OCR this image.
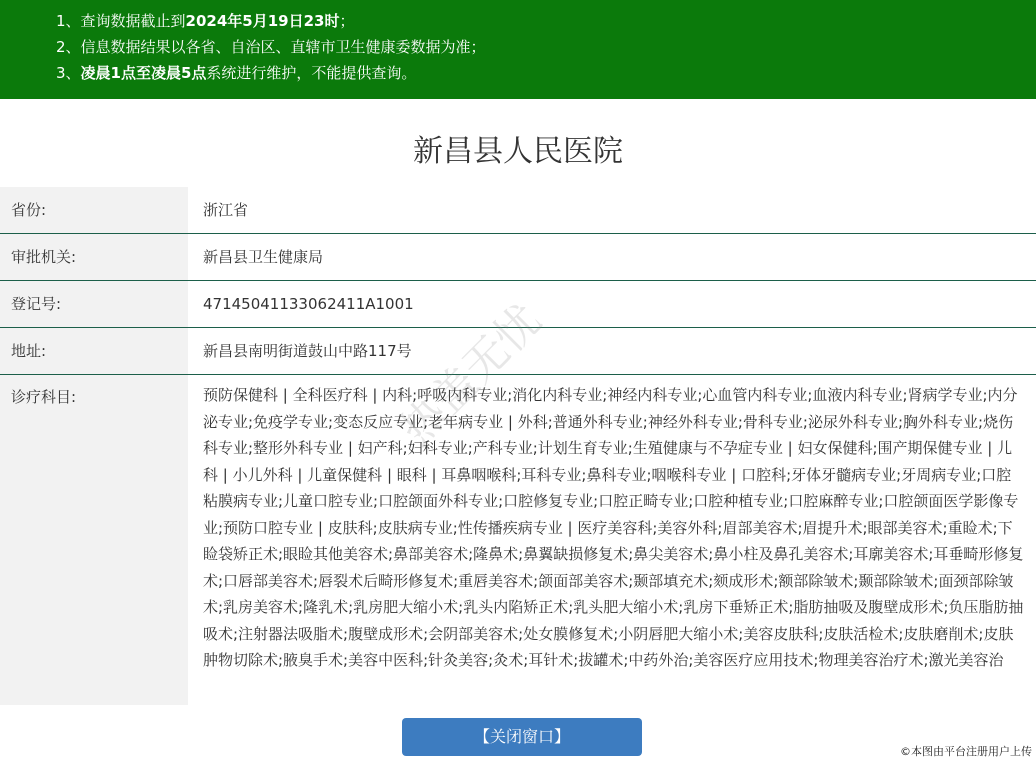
1、查询数据截止到2024年5月19日23时；
2、信息数据结果以各省、自治区、直辖市卫生健康委数据为准；
3、凌晨1点至凌晨5点系统进行维护，不能提供查询。
新昌县人民医院
省份:	浙江省
审批机关:	新昌县卫生健康局
登记号:	47145041133062411A1001
地址:	新昌县南明街道鼓山中路117号
诊疗科目:	预防保健科 | 全科医疗科 | 内科;呼吸内科专业;消化内科专业;神经内科专业;心血管内科专业;血液内科专业;肾病学专业;内分泌专业;免疫学专业;变态反应专业;老年病专业 | 外科;普通外科专业;神经外科专业;骨科专业;泌尿外科专业;胸外科专业;烧伤科专业;整形外科专业 | 妇产科;妇科专业;产科专业;计划生育专业;生殖健康与不孕症专业 | 妇女保健科;围产期保健专业 | 儿科 | 小儿外科 | 儿童保健科 | 眼科 | 耳鼻咽喉科;耳科专业;鼻科专业;咽喉科专业 | 口腔科;牙体牙髓病专业;牙周病专业;口腔粘膜病专业;儿童口腔专业;口腔颌面外科专业;口腔修复专业;口腔正畸专业;口腔种植专业;口腔麻醉专业;口腔颌面医学影像专业;预防口腔专业 | 皮肤科;皮肤病专业;性传播疾病专业 | 医疗美容科;美容外科;眉部美容术;眉提升术;眼部美容术;重睑术;下睑袋矫正术;眼睑其他美容术;鼻部美容术;隆鼻术;鼻翼缺损修复术;鼻尖美容术;鼻小柱及鼻孔美容术;耳廓美容术;耳垂畸形修复术;口唇部美容术;唇裂术后畸形修复术;重唇美容术;颌面部美容术;颞部填充术;颏成形术;额部除皱术;颞部除皱术;面颈部除皱术;乳房美容术;隆乳术;乳房肥大缩小术;乳头内陷矫正术;乳头肥大缩小术;乳房下垂矫正术;脂肪抽吸及腹壁成形术;负压脂肪抽吸术;注射器法吸脂术;腹壁成形术;会阴部美容术;处女膜修复术;小阴唇肥大缩小术;美容皮肤科;皮肤活检术;皮肤磨削术;皮肤肿物切除术;腋臭手术;美容中医科;针灸美容;灸术;耳针术;拔罐术;中药外治;美容医疗应用技术;物理美容治疗术;激光美容治
热盖无忧
【关闭窗口】
©本图由平台注册用户上传
